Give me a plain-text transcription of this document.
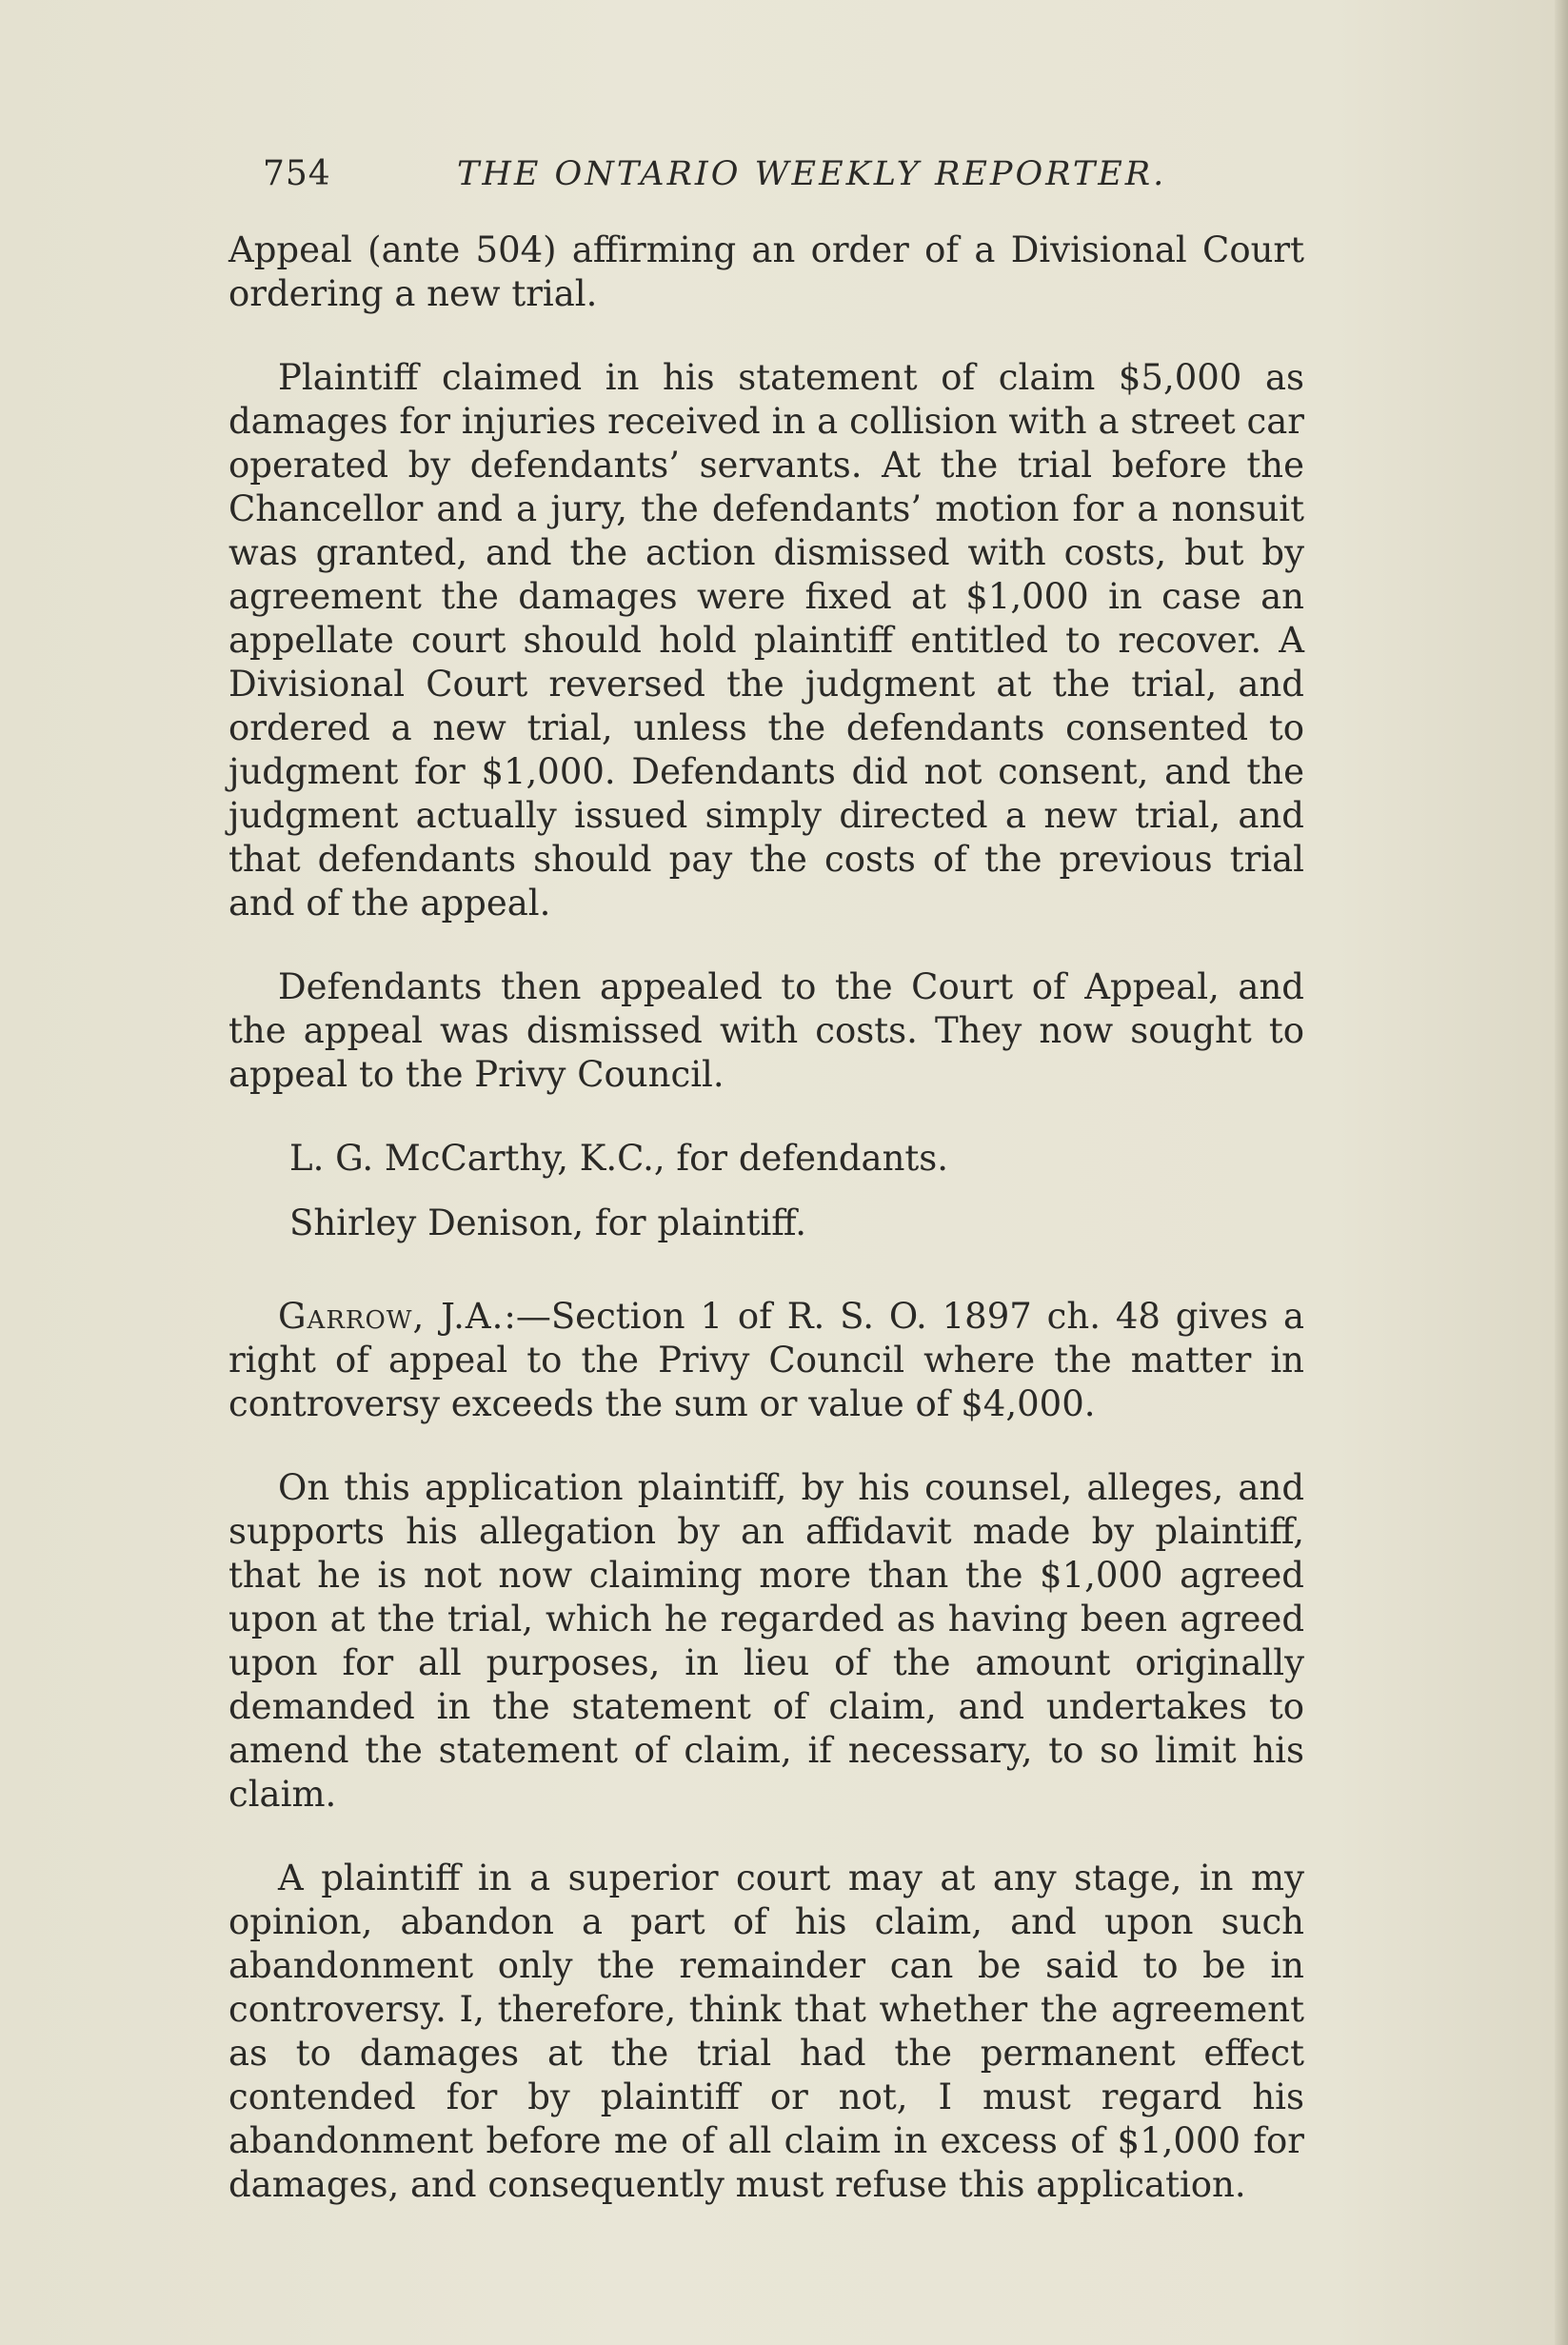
754	THE ONTARIO WEEKLY REPORTER.

Appeal (ante 504) affirming an order of a Divisional Court ordering a new trial.

Plaintiff claimed in his statement of claim $5,000 as damages for injuries received in a collision with a street car operated by defendants’ servants. At the trial before the Chancellor and a jury, the defendants’ motion for a nonsuit was granted, and the action dismissed with costs, but by agreement the damages were fixed at $1,000 in case an appellate court should hold plaintiff entitled to recover. A Divisional Court reversed the judgment at the trial, and ordered a new trial, unless the defendants consented to judgment for $1,000. Defendants did not consent, and the judgment actually issued simply directed a new trial, and that defendants should pay the costs of the previous trial and of the appeal.

Defendants then appealed to the Court of Appeal, and the appeal was dismissed with costs. They now sought to appeal to the Privy Council.

L. G. McCarthy, K.C., for defendants.

Shirley Denison, for plaintiff.

Garrow, J.A.:—Section 1 of R. S. O. 1897 ch. 48 gives a right of appeal to the Privy Council where the matter in controversy exceeds the sum or value of $4,000.

On this application plaintiff, by his counsel, alleges, and supports his allegation by an affidavit made by plaintiff, that he is not now claiming more than the $1,000 agreed upon at the trial, which he regarded as having been agreed upon for all purposes, in lieu of the amount originally demanded in the statement of claim, and undertakes to amend the statement of claim, if necessary, to so limit his claim.

A plaintiff in a superior court may at any stage, in my opinion, abandon a part of his claim, and upon such abandonment only the remainder can be said to be in controversy. I, therefore, think that whether the agreement as to damages at the trial had the permanent effect contended for by plaintiff or not, I must regard his abandonment before me of all claim in excess of $1,000 for damages, and consequently must refuse this application.
